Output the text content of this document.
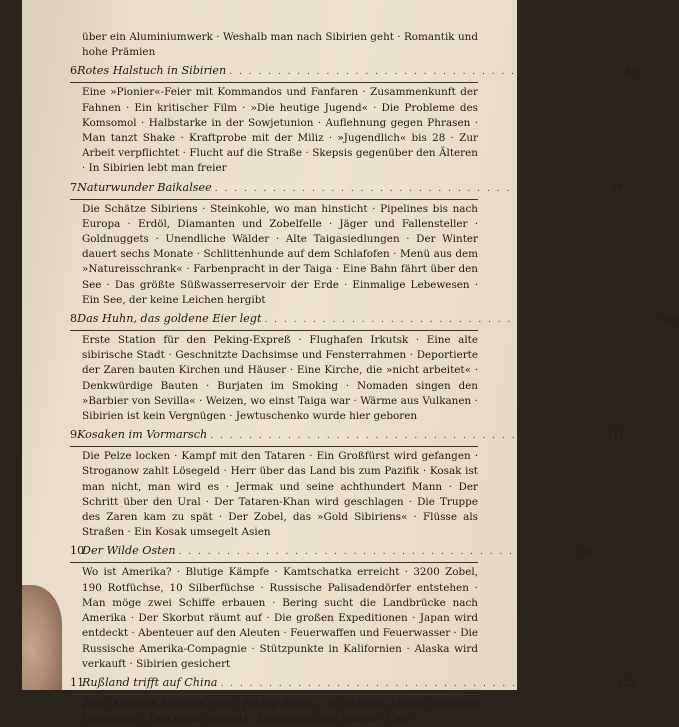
über ein Aluminiumwerk · Weshalb man nach Sibirien geht · Romantik und hohe Prämien
6 Rotes Halstuch in Sibirien . . . . . . . . . . . . . . . . . . . . . . . . . . . . . . . . . . . . . . . . . 80
Eine »Pionier«-Feier mit Kommandos und Fanfaren · Zusammenkunft der Fahnen · Ein kritischer Film · »Die heutige Jugend« · Die Probleme des Komsomol · Halbstarke in der Sowjetunion · Auflehnung gegen Phrasen · Man tanzt Shake · Kraftprobe mit der Miliz · »Jugendlich« bis 28 · Zur Arbeit verpflichtet · Flucht auf die Straße · Skepsis gegenüber den Älteren · In Sibirien lebt man freier
7 Naturwunder Baikalsee . . . . . . . . . . . . . . . . . . . . . . . . . . . . . . . . . . . . . . . . . 87
Die Schätze Sibiriens · Steinkohle, wo man hinsticht · Pipelines bis nach Europa · Erdöl, Diamanten und Zobelfelle · Jäger und Fallensteller · Goldnuggets · Unendliche Wälder · Alte Taigasiedlungen · Der Winter dauert sechs Monate · Schlittenhunde auf dem Schlafofen · Menü aus dem »Natureisschrank« · Farbenpracht in der Taiga · Eine Bahn fährt über den See · Das größte Süßwasserreservoir der Erde · Einmalige Lebewesen · Ein See, der keine Leichen hergibt
8 Das Huhn, das goldene Eier legt . . . . . . . . . . . . . . . . . . . . . . . . . . . . . . . . . . . . . . . . . 100
Erste Station für den Peking-Expreß · Flughafen Irkutsk · Eine alte sibirische Stadt · Geschnitzte Dachsimse und Fensterrahmen · Deportierte der Zaren bauten Kirchen und Häuser · Eine Kirche, die »nicht arbeitet« · Denkwürdige Bauten · Burjaten im Smoking · Nomaden singen den »Barbier von Sevilla« · Weizen, wo einst Taiga war · Wärme aus Vulkanen · Sibirien ist kein Vergnügen · Jewtuschenko wurde hier geboren
9 Kosaken im Vormarsch . . . . . . . . . . . . . . . . . . . . . . . . . . . . . . . . . . . . . . . . . 111
Die Pelze locken · Kampf mit den Tataren · Ein Großfürst wird gefangen · Stroganow zahlt Lösegeld · Herr über das Land bis zum Pazifik · Kosak ist man nicht, man wird es · Jermak und seine achthundert Mann · Der Schritt über den Ural · Der Tataren-Khan wird geschlagen · Die Truppe des Zaren kam zu spät · Der Zobel, das »Gold Sibiriens« · Flüsse als Straßen · Ein Kosak umsegelt Asien
10
Der Wilde Osten . . . . . . . . . . . . . . . . . . . . . . . . . . . . . . . . . . . . . . . . . 119
Wo ist Amerika? · Blutige Kämpfe · Kamtschatka erreicht · 3200 Zobel, 190 Rotfüchse, 10 Silberfüchse · Russische Palisadendörfer entstehen · Man möge zwei Schiffe erbauen · Bering sucht die Landbrücke nach Amerika · Der Skorbut räumt auf · Die großen Expeditionen · Japan wird entdeckt · Abenteuer auf den Aleuten · Feuerwaffen und Feuerwasser · Die Russische Amerika-Compagnie · Stützpunkte in Kalifornien · Alaska wird verkauft · Sibirien gesichert
11
Rußland trifft auf China . . . . . . . . . . . . . . . . . . . . . . . . . . . . . . . . . . . . . . . . . 132
Zwei Kosaken brechen nach Peking durch · In Moskau konnte niemand Chinesisch · Den Amur abwärts · Durchstoß zum Pazifik · Cha-
